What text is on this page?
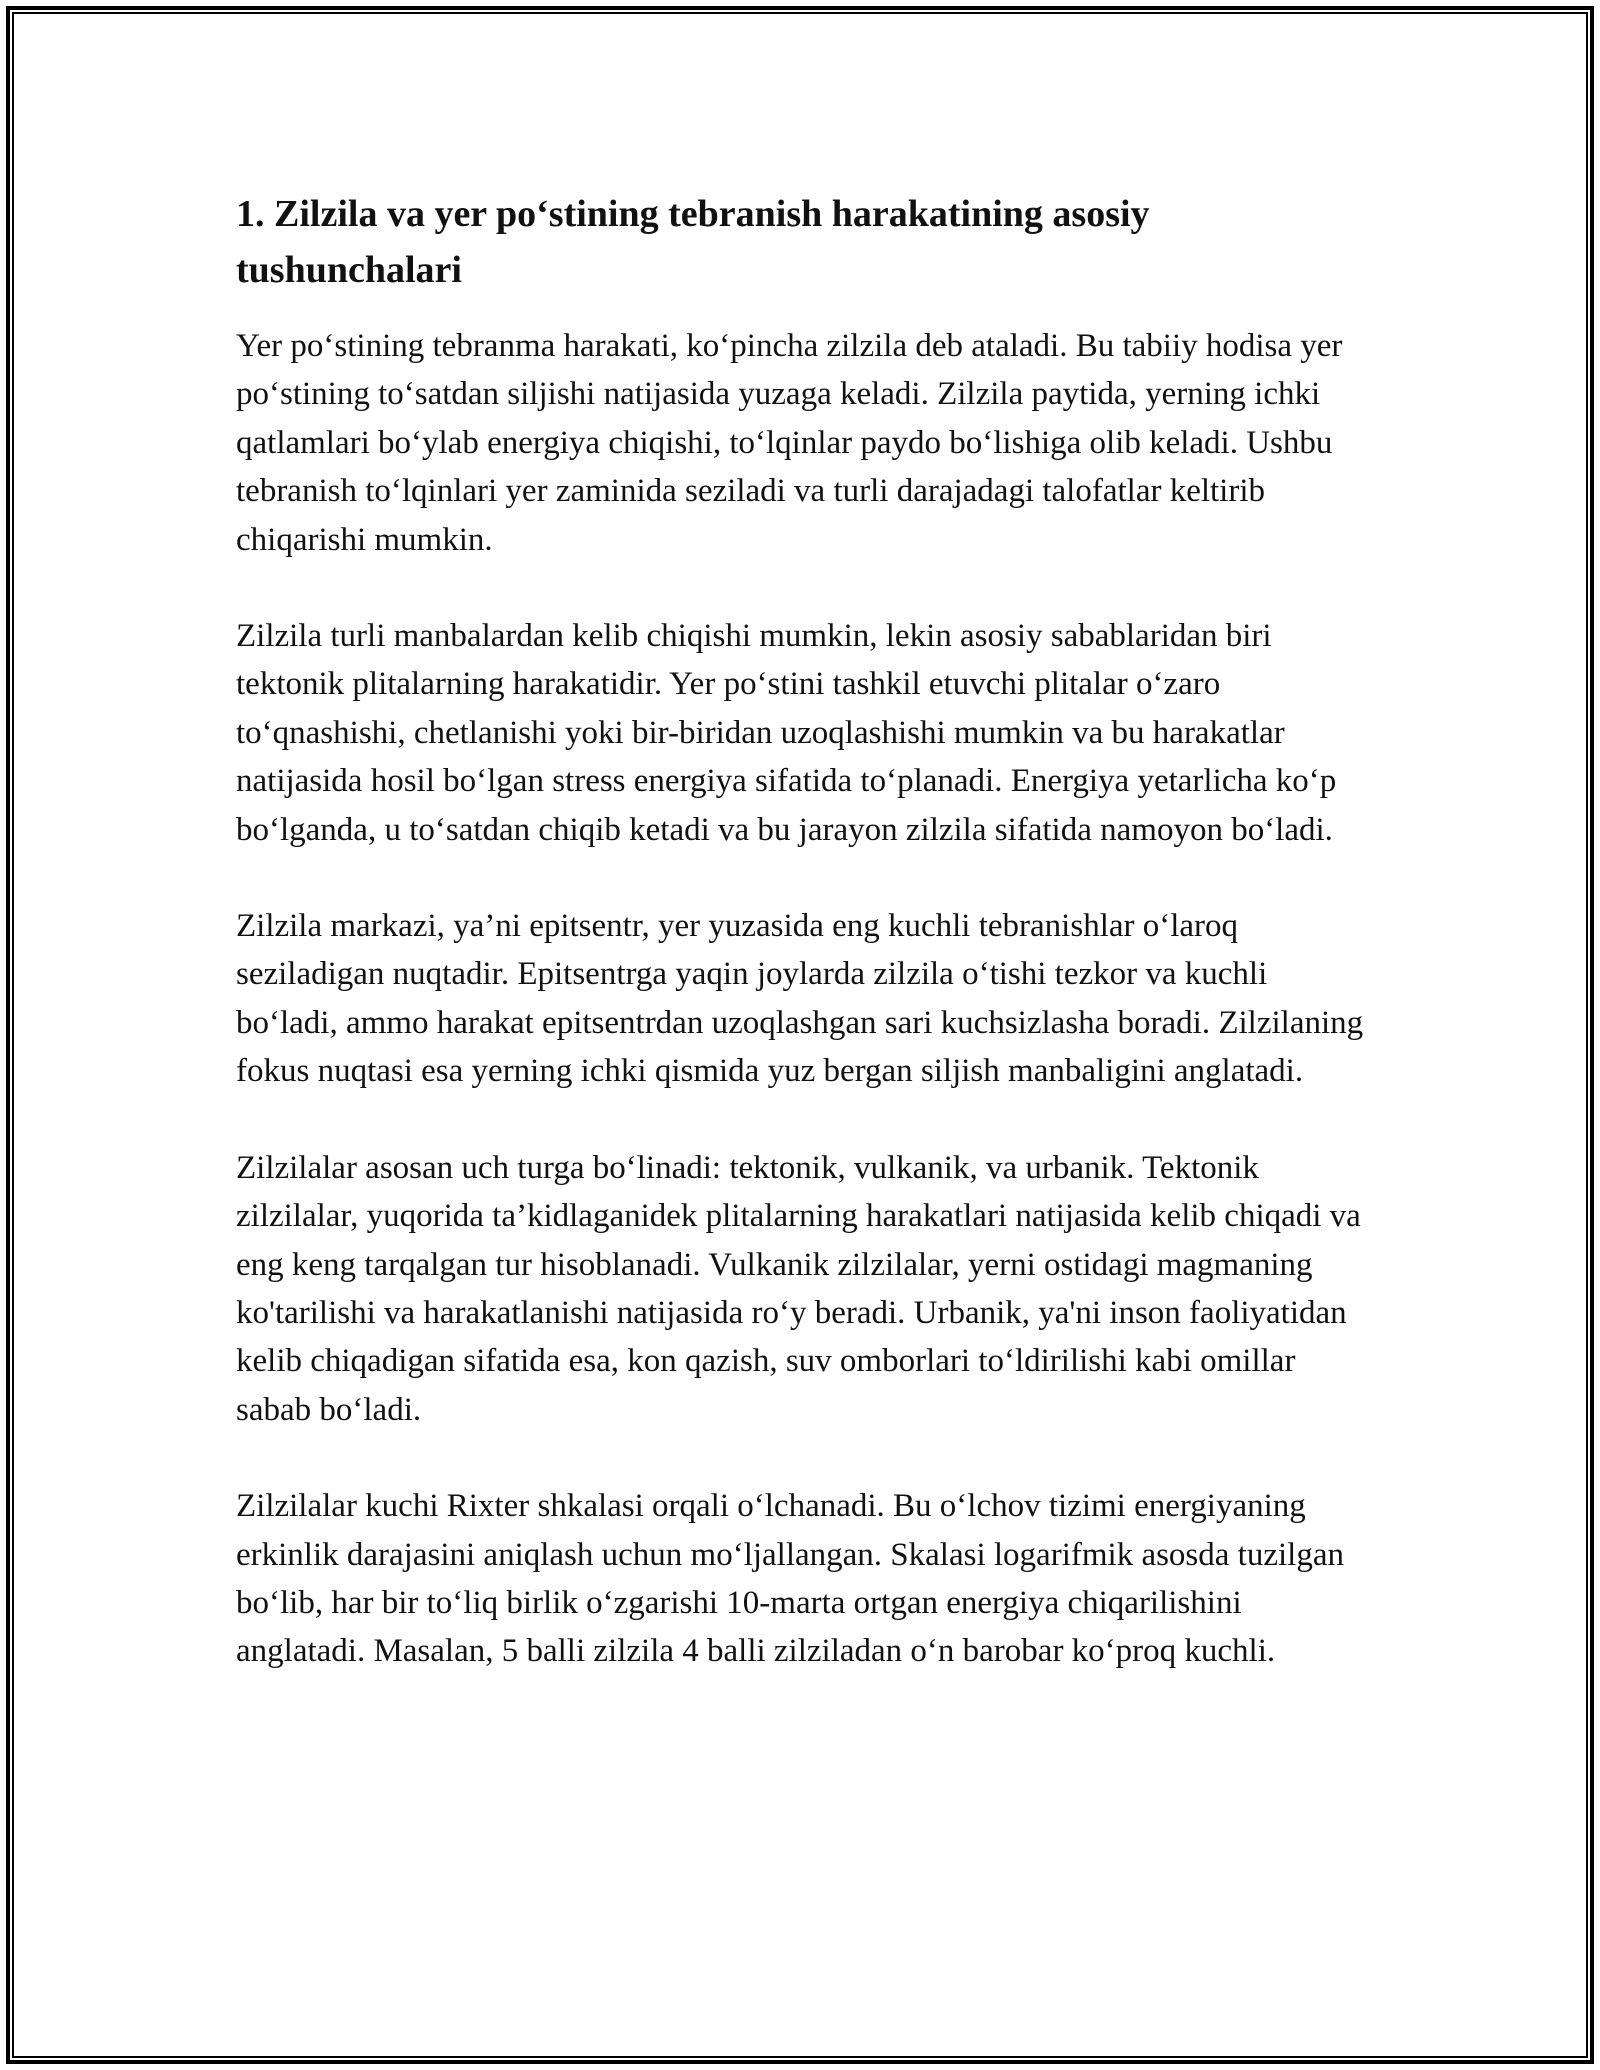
1. Zilzila va yer po‘stining tebranish harakatining asosiy tushunchalari

Yer po‘stining tebranma harakati, ko‘pincha zilzila deb ataladi. Bu tabiiy hodisa yer po‘stining to‘satdan siljishi natijasida yuzaga keladi. Zilzila paytida, yerning ichki qatlamlari bo‘ylab energiya chiqishi, to‘lqinlar paydo bo‘lishiga olib keladi. Ushbu tebranish to‘lqinlari yer zaminida seziladi va turli darajadagi talofatlar keltirib chiqarishi mumkin.

Zilzila turli manbalardan kelib chiqishi mumkin, lekin asosiy sabablaridan biri tektonik plitalarning harakatidir. Yer po‘stini tashkil etuvchi plitalar o‘zaro to‘qnashishi, chetlanishi yoki bir-biridan uzoqlashishi mumkin va bu harakatlar natijasida hosil bo‘lgan stress energiya sifatida to‘planadi. Energiya yetarlicha ko‘p bo‘lganda, u to‘satdan chiqib ketadi va bu jarayon zilzila sifatida namoyon bo‘ladi.

Zilzila markazi, ya’ni epitsentr, yer yuzasida eng kuchli tebranishlar o‘laroq seziladigan nuqtadir. Epitsentrga yaqin joylarda zilzila o‘tishi tezkor va kuchli bo‘ladi, ammo harakat epitsentrdan uzoqlashgan sari kuchsizlasha boradi. Zilzilaning fokus nuqtasi esa yerning ichki qismida yuz bergan siljish manbaligini anglatadi.

Zilzilalar asosan uch turga bo‘linadi: tektonik, vulkanik, va urbanik. Tektonik zilzilalar, yuqorida ta’kidlaganidek plitalarning harakatlari natijasida kelib chiqadi va eng keng tarqalgan tur hisoblanadi. Vulkanik zilzilalar, yerni ostidagi magmaning ko'tarilishi va harakatlanishi natijasida ro‘y beradi. Urbanik, ya'ni inson faoliyatidan kelib chiqadigan sifatida esa, kon qazish, suv omborlari to‘ldirilishi kabi omillar sabab bo‘ladi.

Zilzilalar kuchi Rixter shkalasi orqali o‘lchanadi. Bu o‘lchov tizimi energiyaning erkinlik darajasini aniqlash uchun mo‘ljallangan. Skalasi logarifmik asosda tuzilgan bo‘lib, har bir to‘liq birlik o‘zgarishi 10-marta ortgan energiya chiqarilishini anglatadi. Masalan, 5 balli zilzila 4 balli zilziladan o‘n barobar ko‘proq kuchli.
